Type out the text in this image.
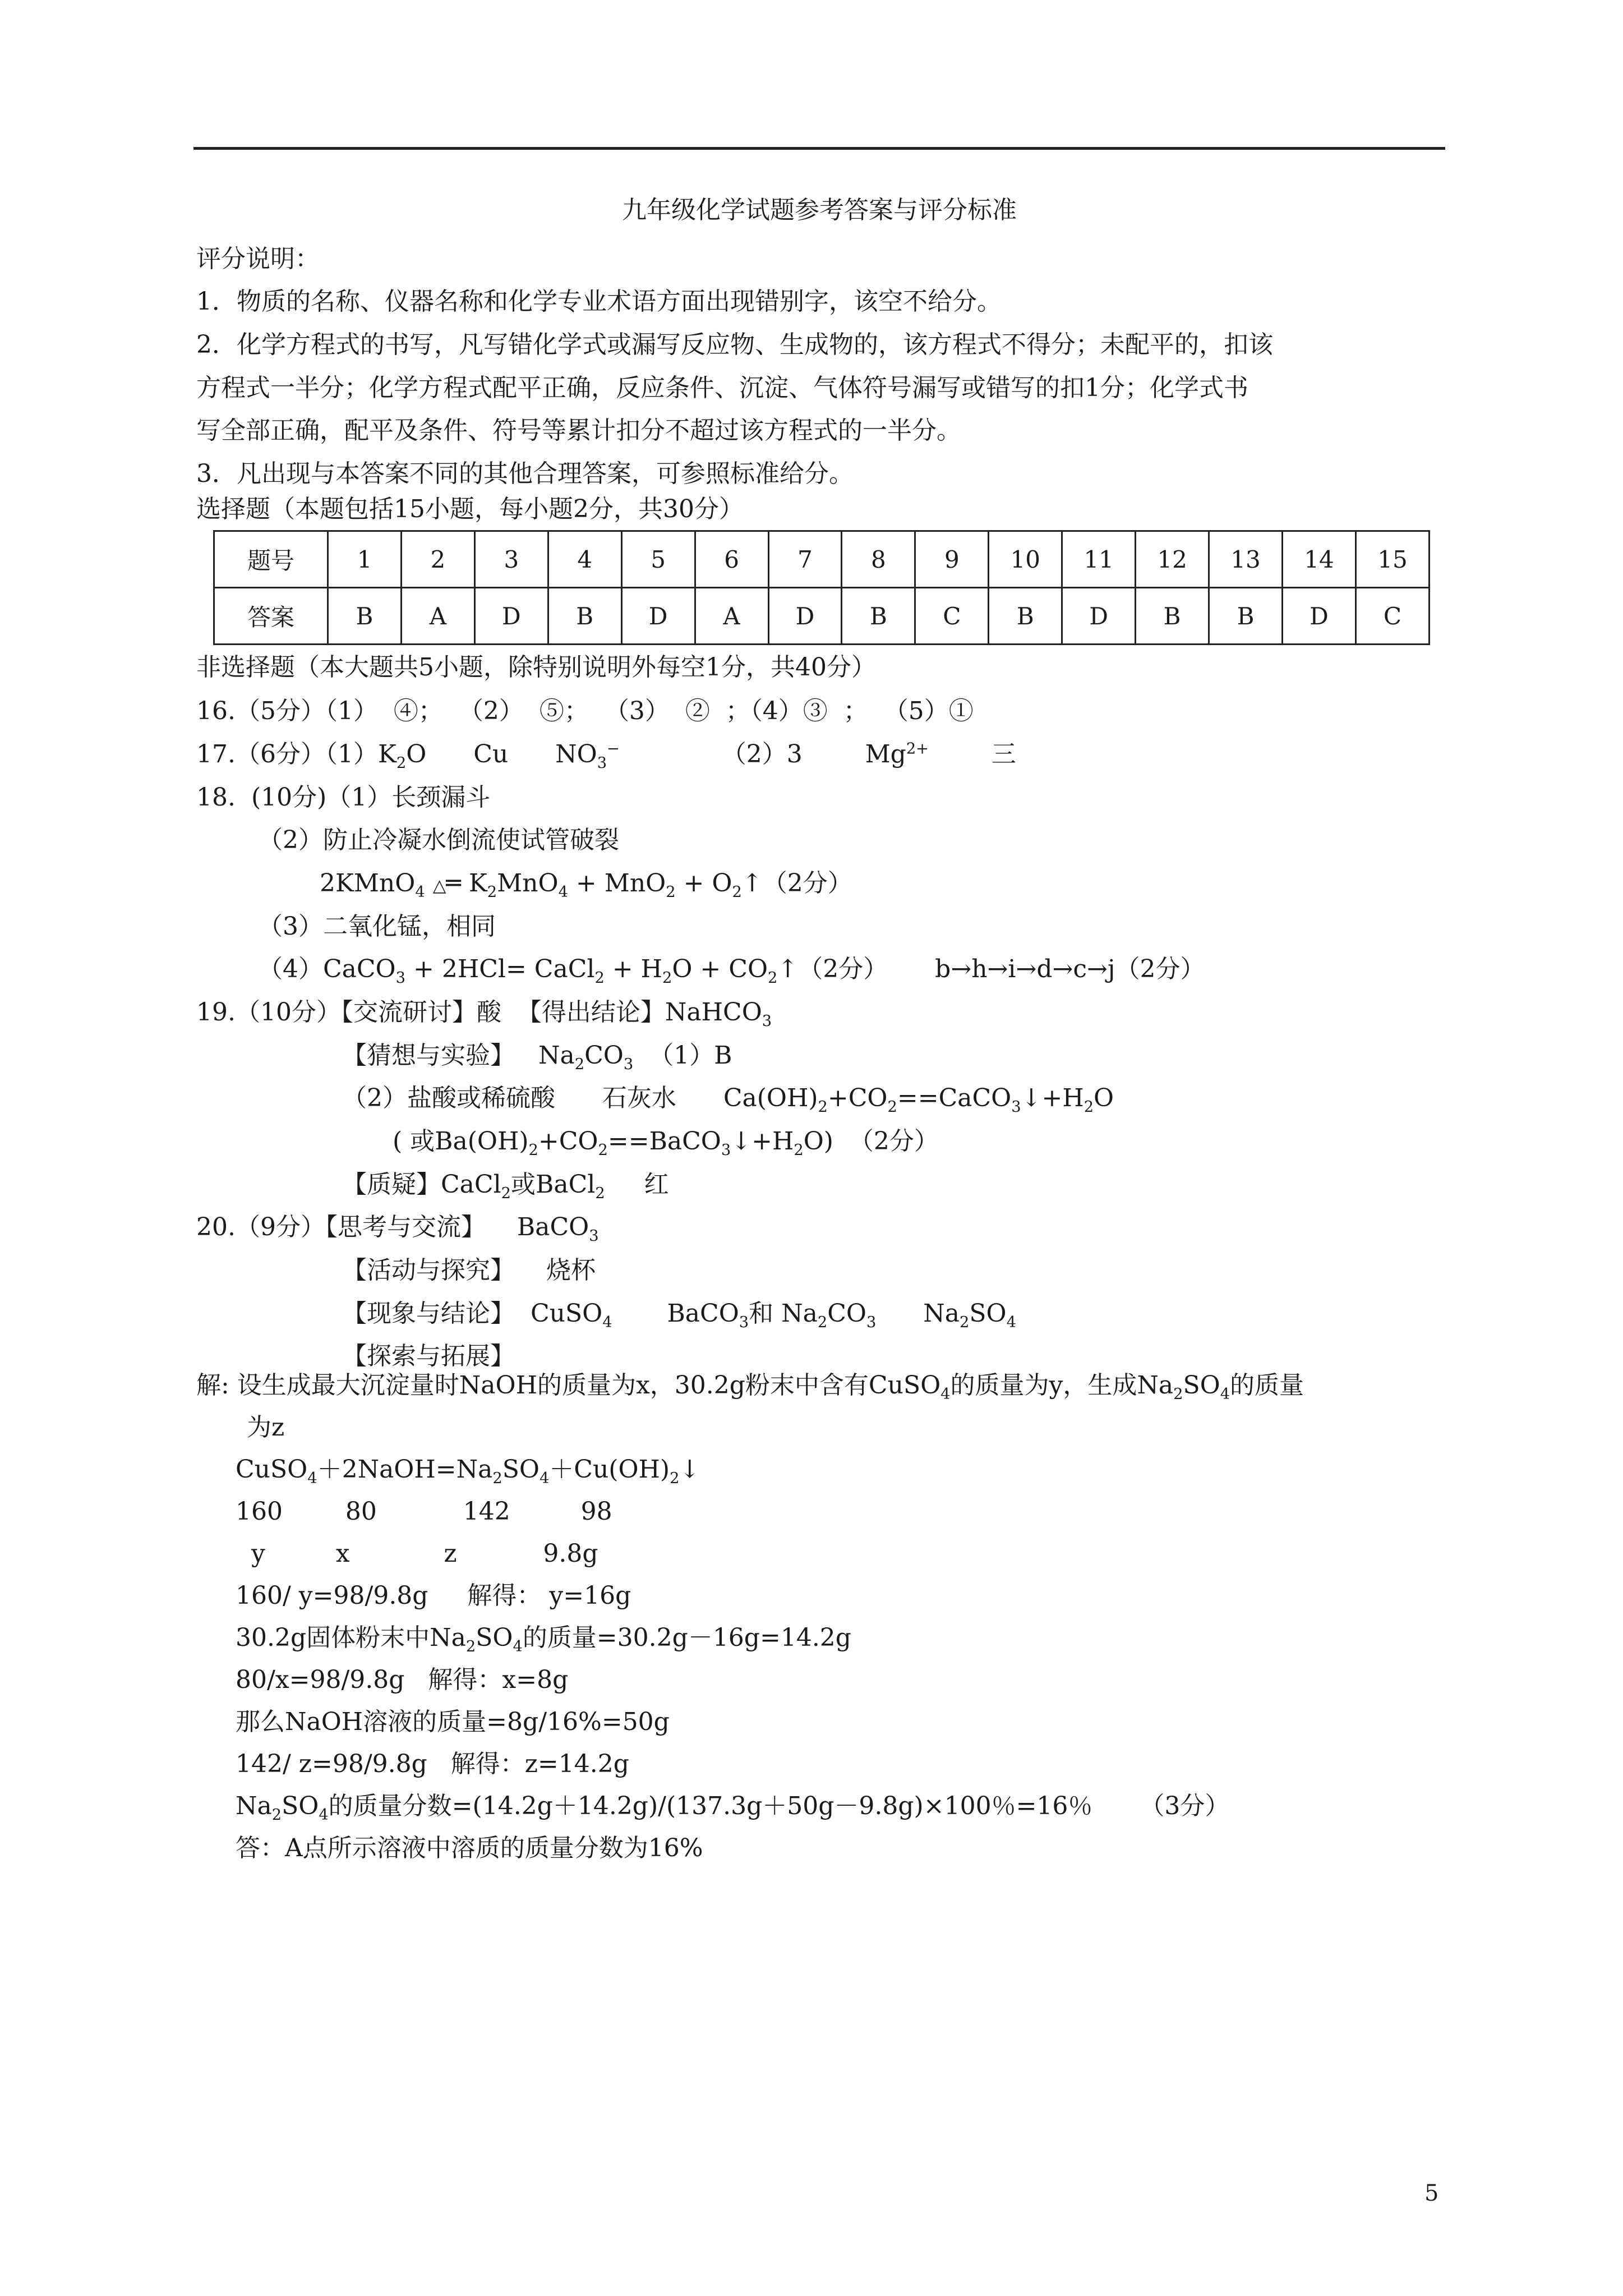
九年级化学试题参考答案与评分标准
评分说明：
1．物质的名称、仪器名称和化学专业术语方面出现错别字，该空不给分。
2．化学方程式的书写，凡写错化学式或漏写反应物、生成物的，该方程式不得分；未配平的，扣该
方程式一半分；化学方程式配平正确，反应条件、沉淀、气体符号漏写或错写的扣1分；化学式书
写全部正确，配平及条件、符号等累计扣分不超过该方程式的一半分。
3．凡出现与本答案不同的其他合理答案，可参照标准给分。
选择题（本题包括15小题，每小题2分，共30分）
非选择题（本大题共5小题，除特别说明外每空1分，共40分）
16.（5分）（1）  ④；  （2）  ⑤；  （3）  ②  ；（4）③  ；  （5）①
17.（6分）$(1)K_2O$      Cu      $NO_3^-$             （2）3        $Mg^{2+}$        三
18.  (10分)（1）长颈漏斗
（2）防止冷凝水倒流使试管破裂
2KMnO$_4$ △═ $K_2MnO_4 + MnO_2$ + $O_2↑(2$分）
（3）二氧化锰，相同
（4）CaCO$_3$ + 2HCl= CaCl$_2$ + $H_2O$ + $CO_2↑(2$分）      b→h→i→d→c→j（2分）
19.（10分）【交流研讨】酸  【得出结论】NaHCO$_3$
【猜想与实验】   $Na_2CO_3$  （1）B
（2）盐酸或稀硫酸      石灰水      $Ca(OH)_2+CO_2==CaCO_3↓+H_2O$
( 或$Ba(OH)_2+CO_2==BaCO_3↓+H_2O$)  （2分）
【质疑】CaCl$_2$或BaCl$_2$     红
20.（9分）【思考与交流】    BaCO$_3$
【活动与探究】    烧杯
【现象与结论】  CuSO$_4$       BaCO$_3$和 $Na_2CO_3$      $Na_2SO_4$
【探索与拓展】
解: 设生成最大沉淀量时NaOH的质量为x，30.2g粉末中含有CuSO$_4$的质量为y，生成$Na_2SO_4$的质量
为z
$CuSO_4+2NaOH=Na_2SO_4+Cu(OH)_2↓$
160        80           142         98
y         x            z           9.8g
160/ y=98/9.8g     解得： y=16g
30.2g固体粉末中$Na_2SO_4$的质量=30.2g－16g=14.2g
80/x=98/9.8g   解得：x=8g
那么NaOH溶液的质量=8g/16%=50g
142/ z=98/9.8g   解得：z=14.2g
$Na_2SO_4$的质量分数=(14.2g＋14.2g)/(137.3g＋50g－9.8g)×100％=16％      （3分）
答：A点所示溶液中溶质的质量分数为16%
题号	1	2	3	4	5	6	7	8	9	10	11	12	13	14	15
答案	B	A	D	B	D	A	D	B	C	B	D	B	B	D	C
5
